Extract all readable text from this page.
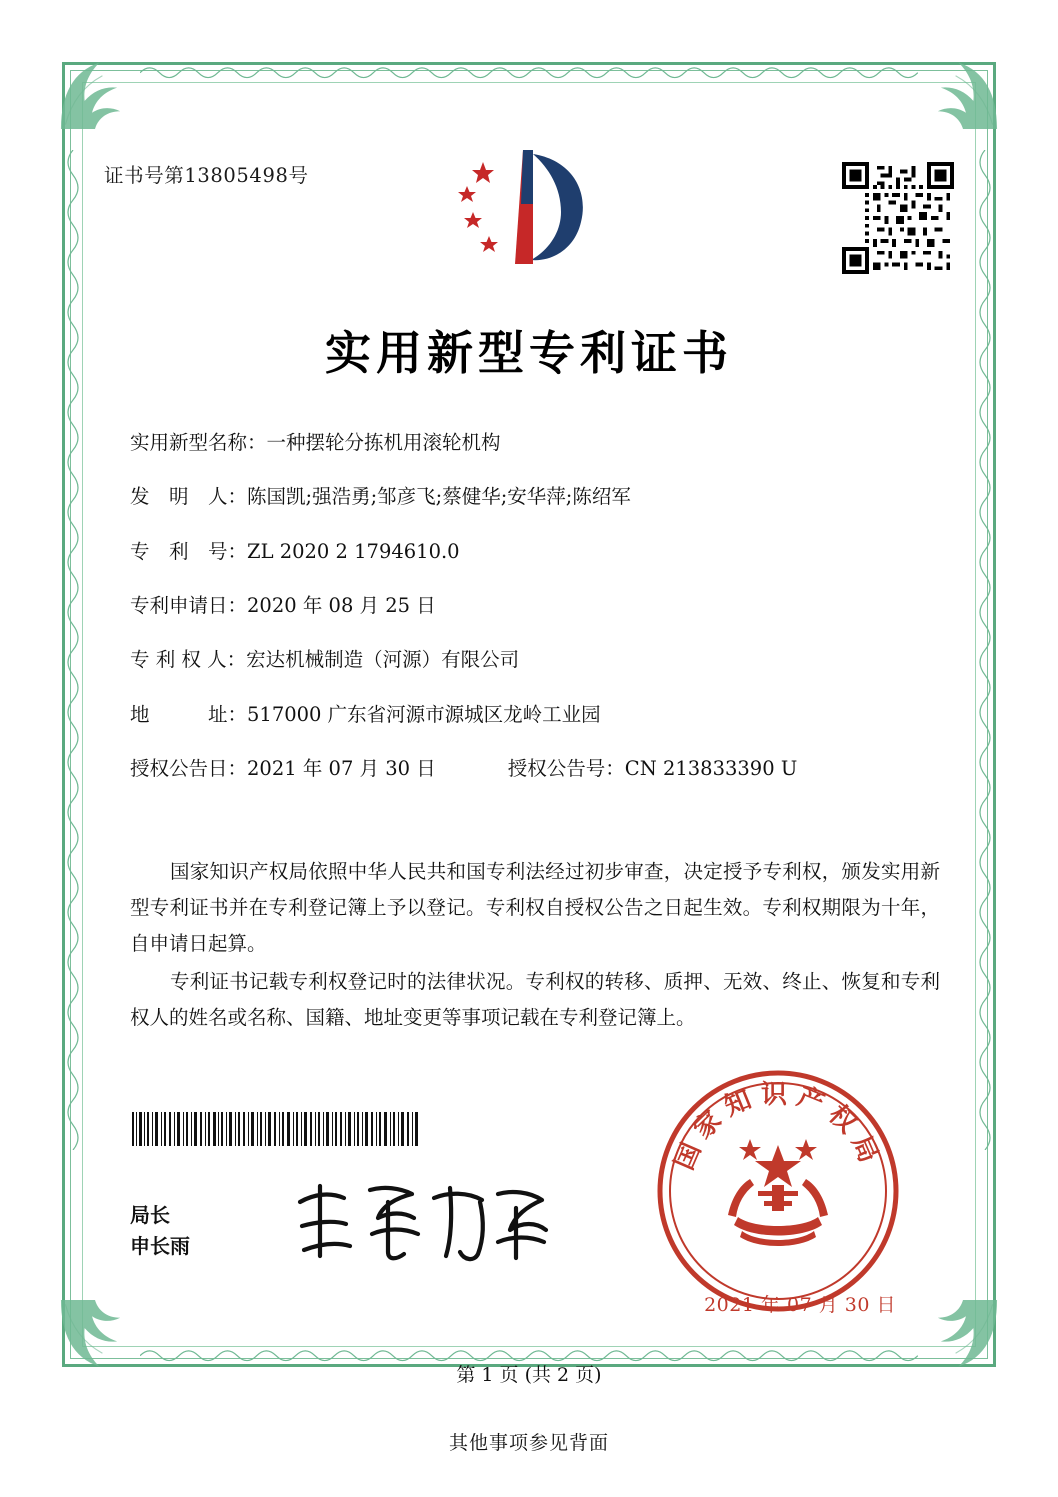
证书号第13805498号
实用新型专利证书
实用新型名称： 一种摆轮分拣机用滚轮机构
发　明　人： 陈国凯;强浩勇;邹彦飞;蔡健华;安华萍;陈绍军
专　利　号： ZL 2020 2 1794610.0
专利申请日： 2020 年 08 月 25 日
专 利 权 人： 宏达机械制造（河源）有限公司
地　　　址： 517000 广东省河源市源城区龙岭工业园
授权公告日：2021 年 07 月 30 日	授权公告号：CN 213833390 U

国家知识产权局依照中华人民共和国专利法经过初步审查，决定授予专利权，颁发实用新型专利证书并在专利登记簿上予以登记。专利权自授权公告之日起生效。专利权期限为十年，自申请日起算。

专利证书记载专利权登记时的法律状况。专利权的转移、质押、无效、终止、恢复和专利权人的姓名或名称、国籍、地址变更等事项记载在专利登记簿上。

局长
申长雨
国家知识产权局
2021 年 07 月 30 日
第 1 页 (共 2 页)
其他事项参见背面
